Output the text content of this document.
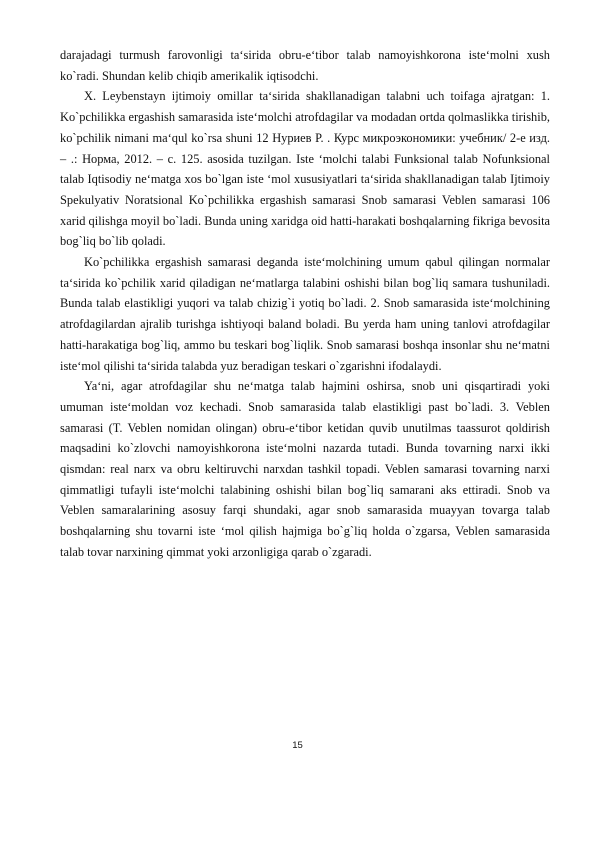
darajadagi turmush farovonligi ta‘sirida obru-e‘tibor talab namoyishkorona iste‘molni xush ko`radi. Shundan kelib chiqib amerikalik iqtisodchi.

X. Leybenstayn ijtimoiy omillar ta‘sirida shakllanadigan talabni uch toifaga ajratgan: 1. Ko`pchilikka ergashish samarasida iste‘molchi atrofdagilar va modadan ortda qolmaslikka tirishib, ko`pchilik nimani ma‘qul ko`rsa shuni 12 Нуриев Р. . Курс микроэкономики: учебник/ 2-е изд. – .: Норма, 2012. – с. 125. asosida tuzilgan. Iste ‘molchi talabi Funksional talab Nofunksional talab Iqtisodiy ne‘matga xos bo`lgan iste ‘mol xususiyatlari ta‘sirida shakllanadigan talab Ijtimoiy Spekulyativ Noratsional Ko`pchilikka ergashish samarasi Snob samarasi Veblen samarasi 106 xarid qilishga moyil bo`ladi. Bunda uning xaridga oid hatti-harakati boshqalarning fikriga bevosita bog`liq bo`lib qoladi.

Ko`pchilikka ergashish samarasi deganda iste‘molchining umum qabul qilingan normalar ta‘sirida ko`pchilik xarid qiladigan ne‘matlarga talabini oshishi bilan bog`liq samara tushuniladi. Bunda talab elastikligi yuqori va talab chizig`i yotiq bo`ladi. 2. Snob samarasida iste‘molchining atrofdagilardan ajralib turishga ishtiyoqi baland boladi. Bu yerda ham uning tanlovi atrofdagilar hatti-harakatiga bog`liq, ammo bu teskari bog`liqlik. Snob samarasi boshqa insonlar shu ne‘matni iste‘mol qilishi ta‘sirida talabda yuz beradigan teskari o`zgarishni ifodalaydi.

Ya‘ni, agar atrofdagilar shu ne‘matga talab hajmini oshirsa, snob uni qisqartiradi yoki umuman iste‘moldan voz kechadi. Snob samarasida talab elastikligi past bo`ladi. 3. Veblen samarasi (T. Veblen nomidan olingan) obru-e‘tibor ketidan quvib unutilmas taassurot qoldirish maqsadini ko`zlovchi namoyishkorona iste‘molni nazarda tutadi. Bunda tovarning narxi ikki qismdan: real narx va obru keltiruvchi narxdan tashkil topadi. Veblen samarasi tovarning narxi qimmatligi tufayli iste‘molchi talabining oshishi bilan bog`liq samarani aks ettiradi. Snob va Veblen samaralarining asosuy farqi shundaki, agar snob samarasida muayyan tovarga talab boshqalarning shu tovarni iste ‘mol qilish hajmiga bo`g`liq holda o`zgarsa, Veblen samarasida talab tovar narxining qimmat yoki arzonligiga qarab o`zgaradi.

15
